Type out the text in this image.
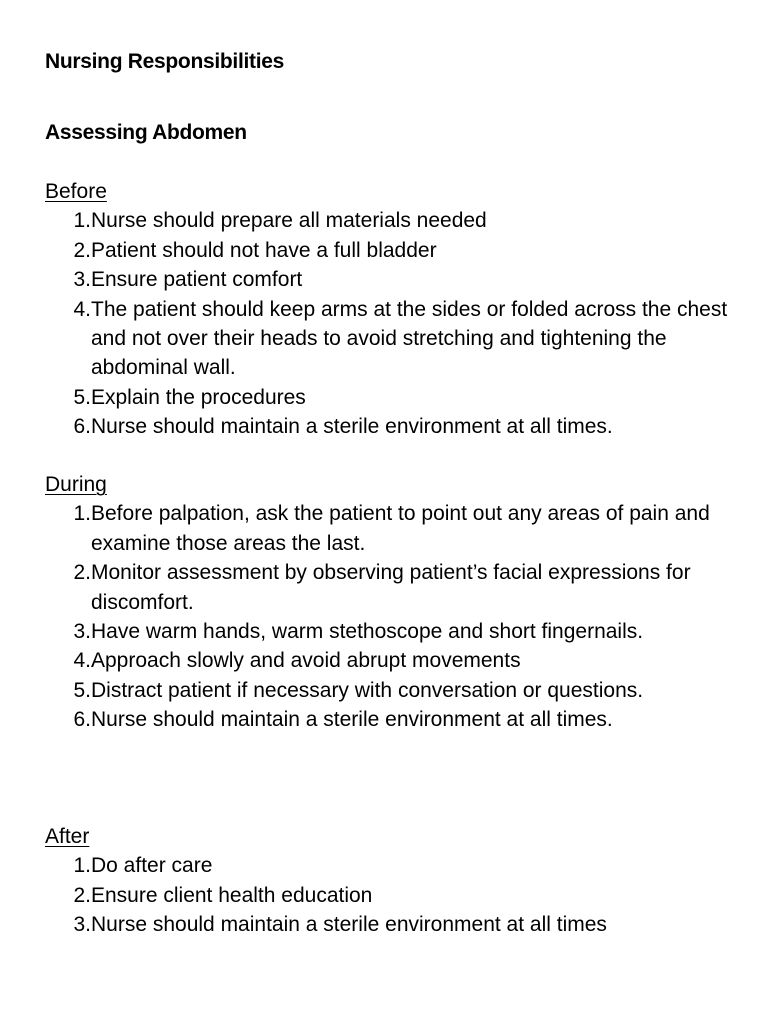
Nursing Responsibilities
Assessing Abdomen
Before
1. Nurse should prepare all materials needed
2. Patient should not have a full bladder
3. Ensure patient comfort
4. The patient should keep arms at the sides or folded across the chest and not over their heads to avoid stretching and tightening the abdominal wall.
5. Explain the procedures
6. Nurse should maintain a sterile environment at all times.
During
1. Before palpation, ask the patient to point out any areas of pain and examine those areas the last.
2. Monitor assessment by observing patient’s facial expressions for discomfort.
3. Have warm hands, warm stethoscope and short fingernails.
4. Approach slowly and avoid abrupt movements
5. Distract patient if necessary with conversation or questions.
6. Nurse should maintain a sterile environment at all times.
After
1. Do after care
2. Ensure client health education
3. Nurse should maintain a sterile environment at all times
